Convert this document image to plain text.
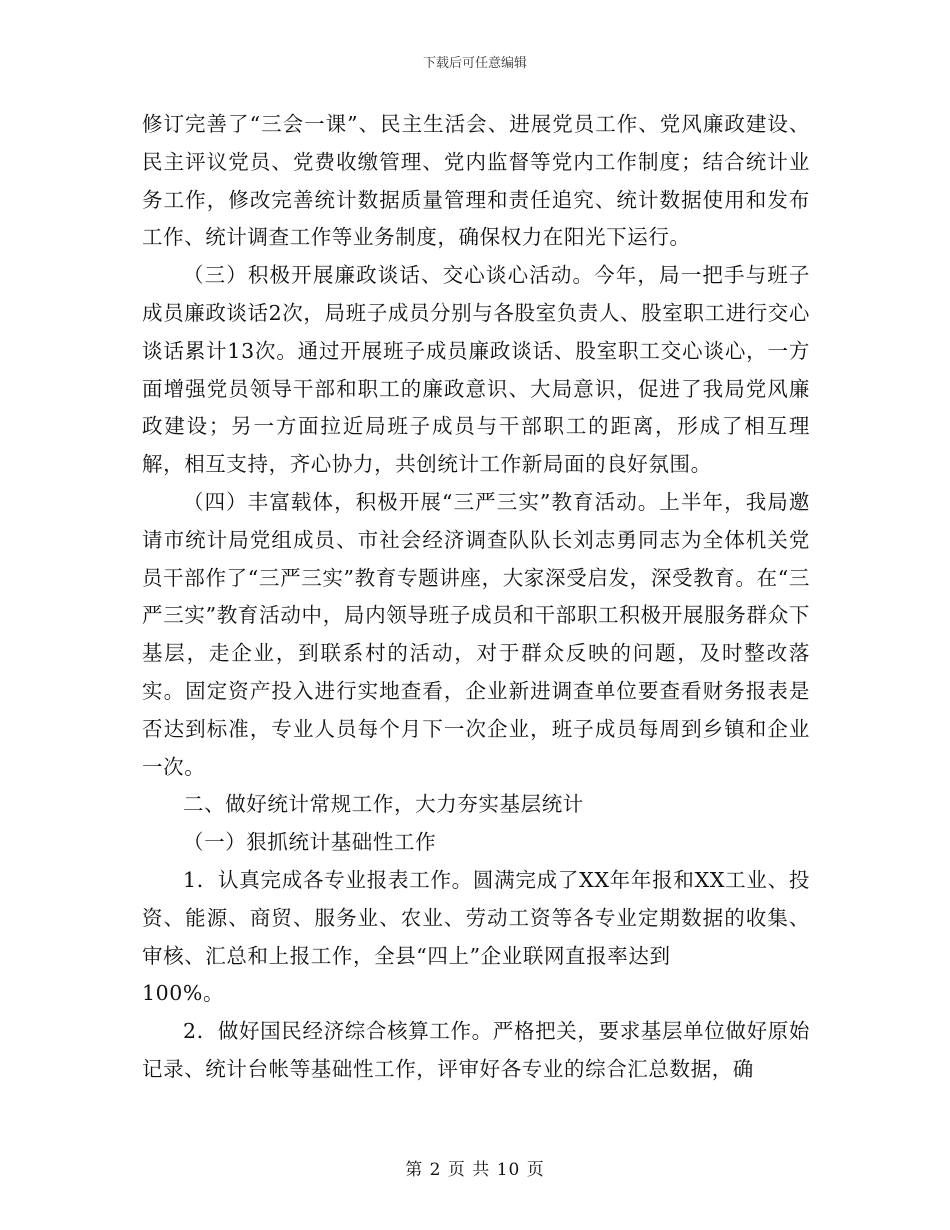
下载后可任意编辑

修订完善了“三会一课”、民主生活会、进展党员工作、党风廉政建设、民主评议党员、党费收缴管理、党内监督等党内工作制度；结合统计业务工作，修改完善统计数据质量管理和责任追究、统计数据使用和发布工作、统计调查工作等业务制度，确保权力在阳光下运行。

（三）积极开展廉政谈话、交心谈心活动。今年，局一把手与班子成员廉政谈话2次，局班子成员分别与各股室负责人、股室职工进行交心谈话累计13次。通过开展班子成员廉政谈话、股室职工交心谈心，一方面增强党员领导干部和职工的廉政意识、大局意识，促进了我局党风廉政建设；另一方面拉近局班子成员与干部职工的距离，形成了相互理解，相互支持，齐心协力，共创统计工作新局面的良好氛围。

（四）丰富载体，积极开展“三严三实”教育活动。上半年，我局邀请市统计局党组成员、市社会经济调查队队长刘志勇同志为全体机关党员干部作了“三严三实”教育专题讲座，大家深受启发，深受教育。在“三严三实”教育活动中，局内领导班子成员和干部职工积极开展服务群众下基层，走企业，到联系村的活动，对于群众反映的问题，及时整改落实。固定资产投入进行实地查看，企业新进调查单位要查看财务报表是否达到标准，专业人员每个月下一次企业，班子成员每周到乡镇和企业一次。

二、做好统计常规工作，大力夯实基层统计

（一）狠抓统计基础性工作

1．认真完成各专业报表工作。圆满完成了XX年年报和XX工业、投资、能源、商贸、服务业、农业、劳动工资等各专业定期数据的收集、审核、汇总和上报工作，全县“四上”企业联网直报率达到

100%。

2．做好国民经济综合核算工作。严格把关，要求基层单位做好原始记录、统计台帐等基础性工作，评审好各专业的综合汇总数据，确

第 2 页 共 10 页
